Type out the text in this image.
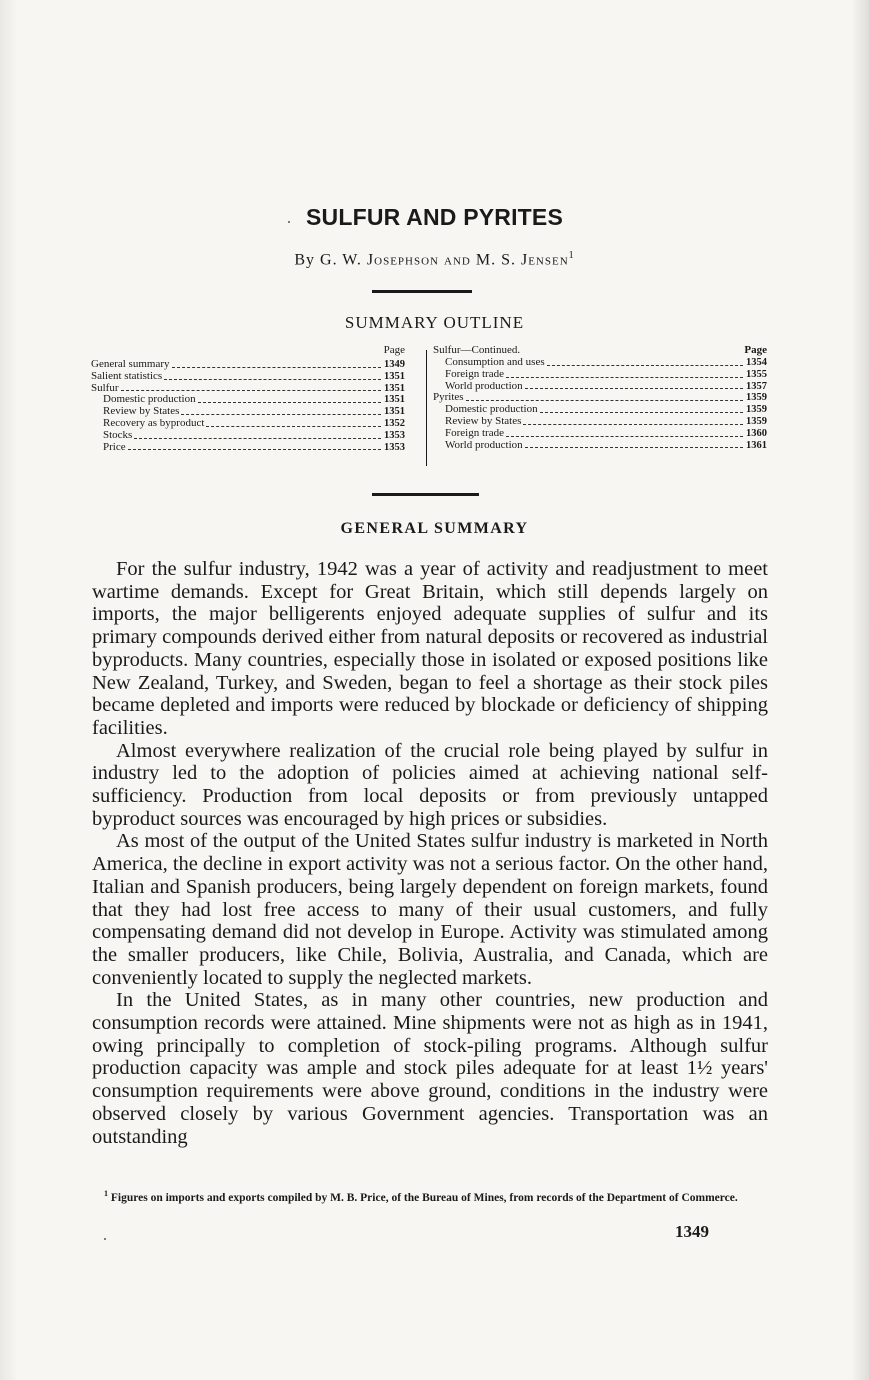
SULFUR AND PYRITES
By G. W. Josephson and M. S. Jensen$^1$
SUMMARY OUTLINE
Page
General summary	1349
Salient statistics	1351
Sulfur	1351
Domestic production	1351
Review by States	1351
Recovery as byproduct	1352
Stocks	1353
Price	1353
Sulfur—Continued.	Page
Consumption and uses	1354
Foreign trade	1355
World production	1357
Pyrites	1359
Domestic production	1359
Review by States	1359
Foreign trade	1360
World production	1361
GENERAL SUMMARY

For the sulfur industry, 1942 was a year of activity and readjustment to meet wartime demands. Except for Great Britain, which still depends largely on imports, the major belligerents enjoyed adequate supplies of sulfur and its primary compounds derived either from natural deposits or recovered as industrial byproducts. Many countries, especially those in isolated or exposed positions like New Zealand, Turkey, and Sweden, began to feel a shortage as their stock piles became depleted and imports were reduced by blockade or deficiency of shipping facilities.

Almost everywhere realization of the crucial role being played by sulfur in industry led to the adoption of policies aimed at achieving national self-sufficiency. Production from local deposits or from previously untapped byproduct sources was encouraged by high prices or subsidies.

As most of the output of the United States sulfur industry is marketed in North America, the decline in export activity was not a serious factor. On the other hand, Italian and Spanish producers, being largely dependent on foreign markets, found that they had lost free access to many of their usual customers, and fully compensating demand did not develop in Europe. Activity was stimulated among the smaller producers, like Chile, Bolivia, Australia, and Canada, which are conveniently located to supply the neglected markets.

In the United States, as in many other countries, new production and consumption records were attained. Mine shipments were not as high as in 1941, owing principally to completion of stock-piling programs. Although sulfur production capacity was ample and stock piles adequate for at least 1½ years' consumption requirements were above ground, conditions in the industry were observed closely by various Government agencies. Transportation was an outstanding

$^1$ Figures on imports and exports compiled by M. B. Price, of the Bureau of Mines, from records of the Department of Commerce.
1349
